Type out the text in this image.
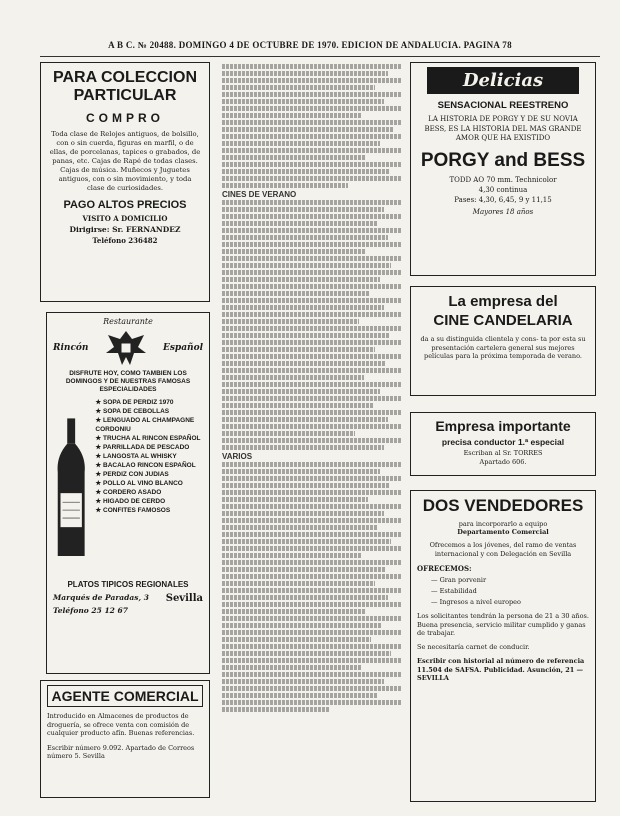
A B C. № 20488. DOMINGO 4 DE OCTUBRE DE 1970. EDICION DE ANDALUCIA. PAGINA 78
PARA COLECCION
PARTICULAR
COMPRO
Toda clase de Relojes antiguos, de bolsillo, con o sin cuerda, figuras en marfil, o de ellas, de porcelanas, tapices o grabados, de panas, etc. Cajas de Rapé de todas clases. Cajas de música. Muñecos y Juguetes antiguos, con o sin movimiento, y toda clase de curiosidades.
PAGO ALTOS PRECIOS
VISITO A DOMICILIO
Dirigirse: Sr. FERNANDEZ
Teléfono 236482
Restaurante
Rincón	Español
DISFRUTE HOY, COMO TAMBIEN LOS DOMINGOS Y DE NUESTRAS FAMOSAS ESPECIALIDADES
★ SOPA DE PERDIZ 1970
★ SOPA DE CEBOLLAS
★ LENGUADO AL CHAMPAGNE CORDONIU
★ TRUCHA AL RINCON ESPAÑOL
★ PARRILLADA DE PESCADO
★ LANGOSTA AL WHISKY
★ BACALAO RINCON ESPAÑOL
★ PERDIZ CON JUDIAS
★ POLLO AL VINO BLANCO
★ CORDERO ASADO
★ HIGADO DE CERDO
★ CONFITES FAMOSOS
PLATOS TIPICOS REGIONALES
Marqués de Paradas, 3 Sevilla
Teléfono 25 12 67
AGENTE COMERCIAL
Introducido en Almacenes de productos de droguería, se ofrece venta con comisión de cualquier producto afín. Buenas referencias.
Escribir número 9.092. Apartado de Correos número 5. Sevilla
CINES DE VERANO
VARIOS
Delicias
SENSACIONAL REESTRENO
LA HISTORIA DE PORGY Y DE SU NOVIA BESS, ES LA HISTORIA DEL MAS GRANDE AMOR QUE HA EXISTIDO
PORGY and BESS
TODD AO 70 mm. Technicolor
4,30 continua
Pases: 4,30, 6,45, 9 y 11,15
Mayores 18 años
La empresa del
CINE CANDELARIA
da a su distinguida clientela y cons- ta por esta su presentación cartelera general sus mejores películas para la próxima temporada de verano.
Empresa importante
precisa conductor 1.ª especial
Escriban al Sr. TORRES
Apartado 606.
DOS VENDEDORES
para incorporarlo a equipo
Departamento Comercial
Ofrecemos a los jóvenes, del ramo de ventas internacional y con Delegación en Sevilla
OFRECEMOS:
— Gran porvenir
— Estabilidad
— Ingresos a nivel europeo
Los solicitantes tendrán la persona de 21 a 30 años. Buena presencia, servicio militar cumplido y ganas de trabajar.
Se necesitaría carnet de conducir.
Escribir con historial al número de referencia 11.504 de SAFSA. Publicidad. Asunción, 21 — SEVILLA
